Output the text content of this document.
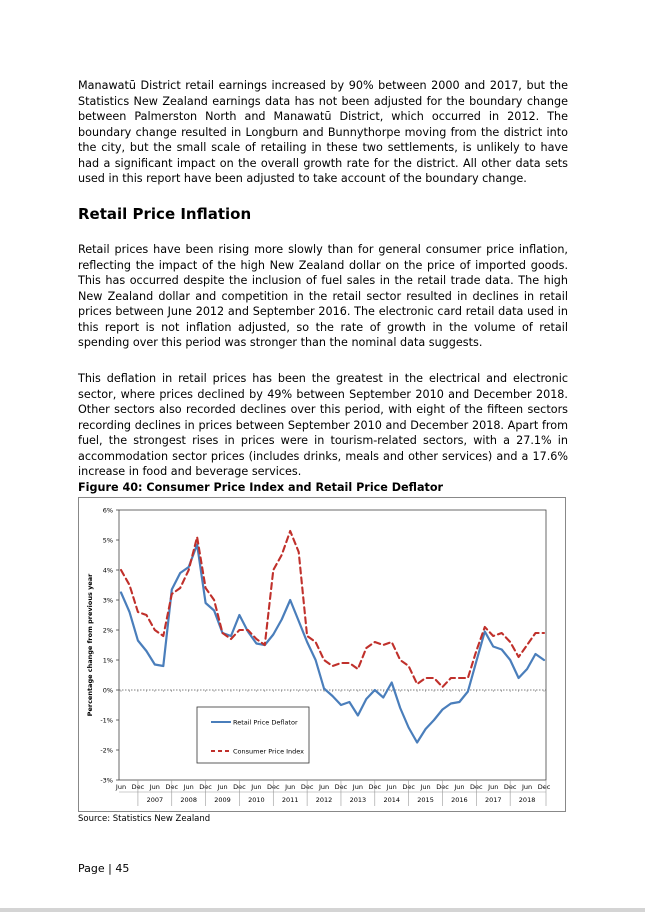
Manawatū District retail earnings increased by 90% between 2000 and 2017, but the Statistics New Zealand earnings data has not been adjusted for the boundary change between Palmerston North and Manawatū District, which occurred in 2012. The boundary change resulted in Longburn and Bunnythorpe moving from the district into the city, but the small scale of retailing in these two settlements, is unlikely to have had a significant impact on the overall growth rate for the district. All other data sets used in this report have been adjusted to take account of the boundary change.

Retail Price Inflation

Retail prices have been rising more slowly than for general consumer price inflation, reflecting the impact of the high New Zealand dollar on the price of imported goods. This has occurred despite the inclusion of fuel sales in the retail trade data. The high New Zealand dollar and competition in the retail sector resulted in declines in retail prices between June 2012 and September 2016. The electronic card retail data used in this report is not inflation adjusted, so the rate of growth in the volume of retail spending over this period was stronger than the nominal data suggests.

This deflation in retail prices has been the greatest in the electrical and electronic sector, where prices declined by 49% between September 2010 and December 2018. Other sectors also recorded declines over this period, with eight of the fifteen sectors recording declines in prices between September 2010 and December 2018. Apart from fuel, the strongest rises in prices were in tourism-related sectors, with a 27.1% in accommodation sector prices (includes drinks, meals and other services) and a 17.6% increase in food and beverage services.

Figure 40: Consumer Price Index and Retail Price Deflator

-3%
-2%
-1%
0%
1%
2%
3%
4%
5%
6%
Jun Dec Jun Dec Jun Dec Jun Dec Jun Dec Jun Dec Jun Dec Jun Dec Jun Dec Jun Dec Jun Dec Jun Dec Jun Dec
2007	2008	2009	2010	2011	2012	2013	2014	2015	2016	2017	2018
Percentage change from previous year
Retail Price Deflator
Consumer Price Index

Source: Statistics New Zealand

Page | 45
